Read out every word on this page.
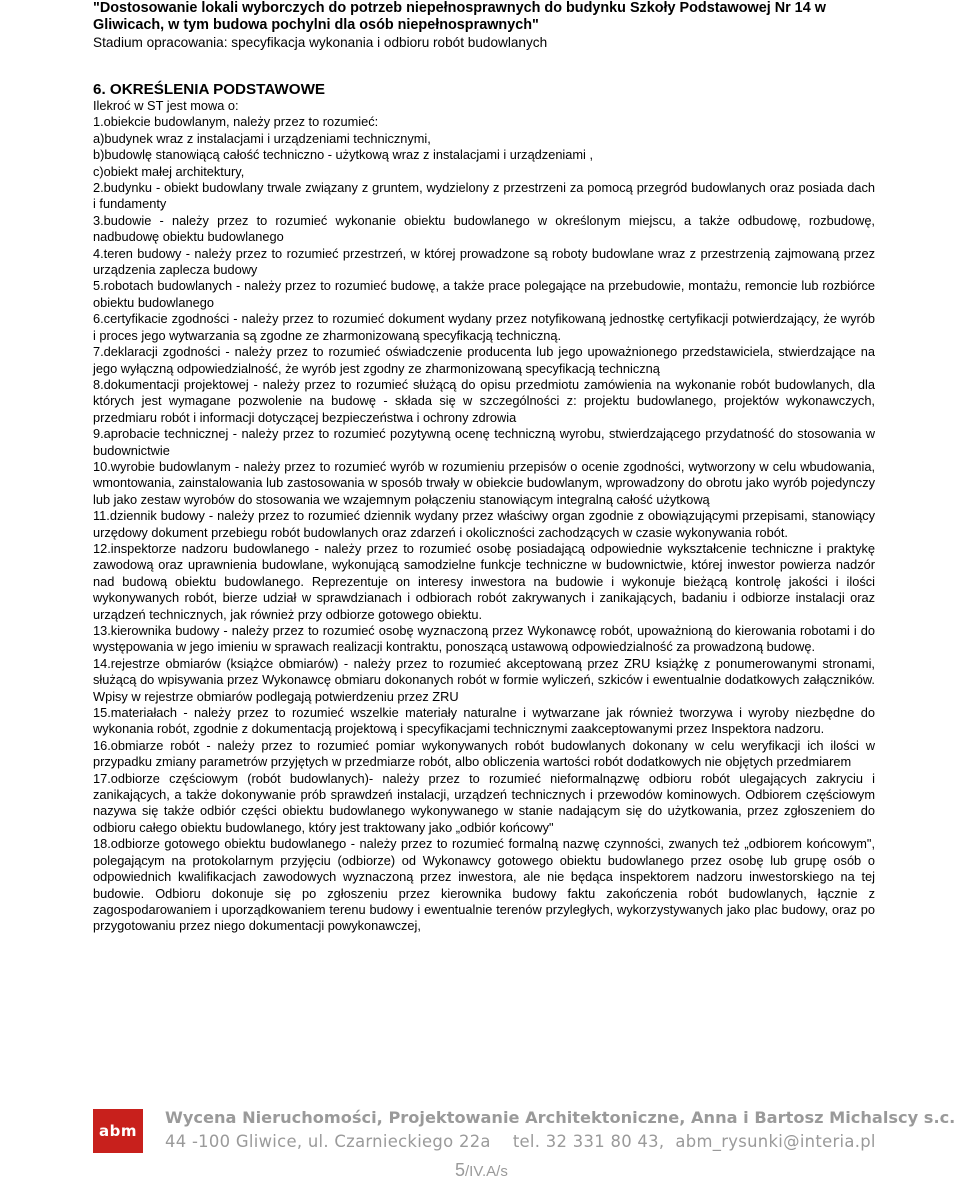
"Dostosowanie lokali wyborczych do potrzeb niepełnosprawnych do budynku Szkoły Podstawowej Nr 14 w
Gliwicach, w tym budowa pochylni dla osób niepełnosprawnych"
Stadium opracowania: specyfikacja wykonania i odbioru robót budowlanych
6. OKREŚLENIA PODSTAWOWE

Ilekroć w ST jest mowa o:

1.obiekcie budowlanym, należy przez to rozumieć:

a)budynek wraz z instalacjami i urządzeniami technicznymi,

b)budowlę stanowiącą całość techniczno - użytkową wraz z instalacjami i urządzeniami ,

c)obiekt małej architektury,

2.budynku - obiekt budowlany trwale związany z gruntem, wydzielony z przestrzeni za pomocą przegród budowlanych oraz posiada dach i fundamenty

3.budowie - należy przez to rozumieć wykonanie obiektu budowlanego w określonym miejscu, a także odbudowę, rozbudowę, nadbudowę obiektu budowlanego

4.teren budowy - należy przez to rozumieć przestrzeń, w której prowadzone są roboty budowlane wraz z przestrzenią zajmowaną przez urządzenia zaplecza budowy

5.robotach budowlanych - należy przez to rozumieć budowę, a także prace polegające na przebudowie, montażu, remoncie lub rozbiórce obiektu budowlanego

6.certyfikacie zgodności - należy przez to rozumieć dokument wydany przez notyfikowaną jednostkę certyfikacji potwierdzający, że wyrób i proces jego wytwarzania są zgodne ze zharmonizowaną specyfikacją techniczną.

7.deklaracji zgodności - należy przez to rozumieć oświadczenie producenta lub jego upoważnionego przedstawiciela, stwierdzające na jego wyłączną odpowiedzialność, że wyrób jest zgodny ze zharmonizowaną specyfikacją techniczną

8.dokumentacji projektowej - należy przez to rozumieć służącą do opisu przedmiotu zamówienia na wykonanie robót budowlanych, dla których jest wymagane pozwolenie na budowę - składa się w szczególności z: projektu budowlanego, projektów wykonawczych, przedmiaru robót i informacji dotyczącej bezpieczeństwa i ochrony zdrowia

9.aprobacie technicznej - należy przez to rozumieć pozytywną ocenę techniczną wyrobu, stwierdzającego przydatność do stosowania w budownictwie

10.wyrobie budowlanym - należy przez to rozumieć wyrób w rozumieniu przepisów o ocenie zgodności, wytworzony w celu wbudowania, wmontowania, zainstalowania lub zastosowania w sposób trwały w obiekcie budowlanym, wprowadzony do obrotu jako wyrób pojedynczy lub jako zestaw wyrobów do stosowania we wzajemnym połączeniu stanowiącym integralną całość użytkową

11.dziennik budowy - należy przez to rozumieć dziennik wydany przez właściwy organ zgodnie z obowiązującymi przepisami, stanowiący urzędowy dokument przebiegu robót budowlanych oraz zdarzeń i okoliczności zachodzących w czasie wykonywania robót.

12.inspektorze nadzoru budowlanego - należy przez to rozumieć osobę posiadającą odpowiednie wykształcenie techniczne i praktykę zawodową oraz uprawnienia budowlane, wykonującą samodzielne funkcje techniczne w budownictwie, której inwestor powierza nadzór nad budową obiektu budowlanego. Reprezentuje on interesy inwestora na budowie i wykonuje bieżącą kontrolę jakości i ilości wykonywanych robót, bierze udział w sprawdzianach i odbiorach robót zakrywanych i zanikających, badaniu i odbiorze instalacji oraz urządzeń technicznych, jak również przy odbiorze gotowego obiektu.

13.kierownika budowy - należy przez to rozumieć osobę wyznaczoną przez Wykonawcę robót, upoważnioną do kierowania robotami i do występowania w jego imieniu w sprawach realizacji kontraktu, ponoszącą ustawową odpowiedzialność za prowadzoną budowę.

14.rejestrze obmiarów (książce obmiarów) - należy przez to rozumieć akceptowaną przez ZRU książkę z ponumerowanymi stronami, służącą do wpisywania przez Wykonawcę obmiaru dokonanych robót w formie wyliczeń, szkiców i ewentualnie dodatkowych załączników. Wpisy w rejestrze obmiarów podlegają potwierdzeniu przez ZRU

15.materiałach - należy przez to rozumieć wszelkie materiały naturalne i wytwarzane jak również tworzywa i wyroby niezbędne do wykonania robót, zgodnie z dokumentacją projektową i specyfikacjami technicznymi zaakceptowanymi przez Inspektora nadzoru.

16.obmiarze robót - należy przez to rozumieć pomiar wykonywanych robót budowlanych dokonany w celu weryfikacji ich ilości w przypadku zmiany parametrów przyjętych w przedmiarze robót, albo obliczenia wartości robót dodatkowych nie objętych przedmiarem

17.odbiorze częściowym (robót budowlanych)- należy przez to rozumieć nieformalnązwę odbioru robót ulegających zakryciu i zanikających, a także dokonywanie prób sprawdzeń instalacji, urządzeń technicznych i przewodów kominowych. Odbiorem częściowym nazywa się także odbiór części obiektu budowlanego wykonywanego w stanie nadającym się do użytkowania, przez zgłoszeniem do odbioru całego obiektu budowlanego, który jest traktowany jako „odbiór końcowy"

18.odbiorze gotowego obiektu budowlanego - należy przez to rozumieć formalną nazwę czynności, zwanych też „odbiorem końcowym", polegającym na protokolarnym przyjęciu (odbiorze) od Wykonawcy gotowego obiektu budowlanego przez osobę lub grupę osób o odpowiednich kwalifikacjach zawodowych wyznaczoną przez inwestora, ale nie będąca inspektorem nadzoru inwestorskiego na tej budowie. Odbioru dokonuje się po zgłoszeniu przez kierownika budowy faktu zakończenia robót budowlanych, łącznie z zagospodarowaniem i uporządkowaniem terenu budowy i ewentualnie terenów przyległych, wykorzystywanych jako plac budowy, oraz po przygotowaniu przez niego dokumentacji powykonawczej,

abm
Wycena Nieruchomości, Projektowanie Architektoniczne, Anna i Bartosz Michalscy s.c.
44 -100 Gliwice, ul. Czarnieckiego 22a    tel. 32 331 80 43,  abm_rysunki@interia.pl
5/IV.A/s
